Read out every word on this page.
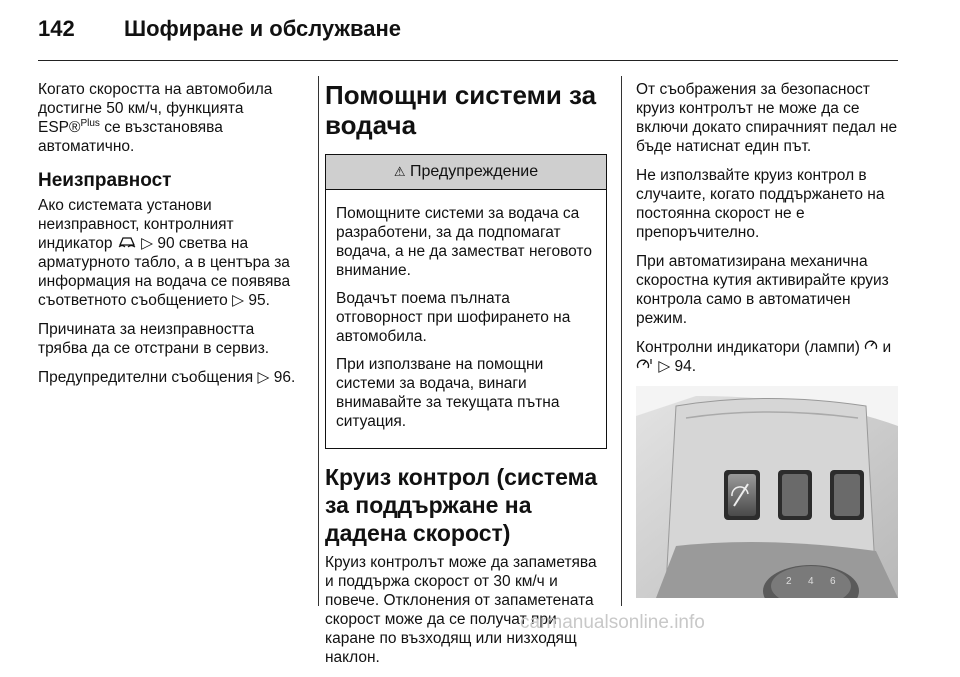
142 Шофиране и обслужване

Когато скоростта на автомобила достигне 50 км/ч, функцията ESP®$^{Plus}$ се възстановява автоматично.

Неизправност

Ако системата установи неизправност, контролният индикатор  ▷ 90 светва на арматурното табло, а в центъра за информация на водача се появява съответното съобщението ▷ 95.

Причината за неизправността трябва да се отстрани в сервиз.

Предупредителни съобщения ▷ 96.

Помощни системи за водача
⚠ Предупреждение

Помощните системи за водача са разработени, за да подпомагат водача, а не да заместват неговото внимание.

Водачът поема пълната отговорност при шофирането на автомобила.

При използване на помощни системи за водача, винаги внимавайте за текущата пътна ситуация.

Круиз контрол (система за поддържане на дадена скорост)

Круиз контролът може да запаметява и поддържа скорост от 30 км/ч и повече. Отклонения от запаметената скорост може да се получат при каране по възходящ или низходящ наклон.

От съображения за безопасност круиз контролът не може да се включи докато спирачният педал не бъде натиснат един път.

Не използвайте круиз контрол в случаите, когато поддържането на постоянна скорост не е препоръчително.

При автоматизирана механична скоростна кутия активирайте круиз контрола само в автоматичен режим.

Контролни индикатори (лампи)  и
▷ 94.

2 4 6
carmanualsonline.info
